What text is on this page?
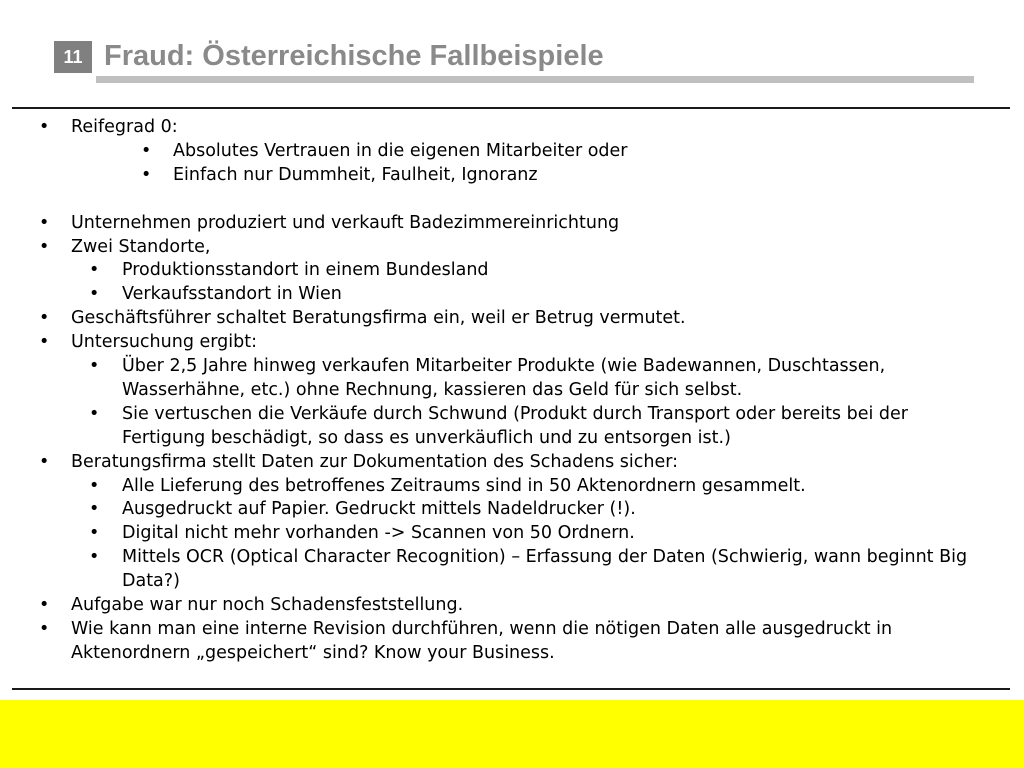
11 Fraud: Österreichische Fallbeispiele
• Reifegrad 0:
• Absolutes Vertrauen in die eigenen Mitarbeiter oder
• Einfach nur Dummheit, Faulheit, Ignoranz
• Unternehmen produziert und verkauft Badezimmereinrichtung
• Zwei Standorte,
• Produktionsstandort in einem Bundesland
• Verkaufsstandort in Wien
• Geschäftsführer schaltet Beratungsfirma ein, weil er Betrug vermutet.
• Untersuchung ergibt:
• Über 2,5 Jahre hinweg verkaufen Mitarbeiter Produkte (wie Badewannen, Duschtassen, Wasserhähne, etc.) ohne Rechnung, kassieren das Geld für sich selbst.
• Sie vertuschen die Verkäufe durch Schwund (Produkt durch Transport oder bereits bei der Fertigung beschädigt, so dass es unverkäuflich und zu entsorgen ist.)
• Beratungsfirma stellt Daten zur Dokumentation des Schadens sicher:
• Alle Lieferung des betroffenes Zeitraums sind in 50 Aktenordnern gesammelt.
• Ausgedruckt auf Papier. Gedruckt mittels Nadeldrucker (!).
• Digital nicht mehr vorhanden -> Scannen von 50 Ordnern.
• Mittels OCR (Optical Character Recognition) – Erfassung der Daten (Schwierig, wann beginnt Big Data?)
• Aufgabe war nur noch Schadensfeststellung.
• Wie kann man eine interne Revision durchführen, wenn die nötigen Daten alle ausgedruckt in Aktenordnern „gespeichert“ sind? Know your Business.
